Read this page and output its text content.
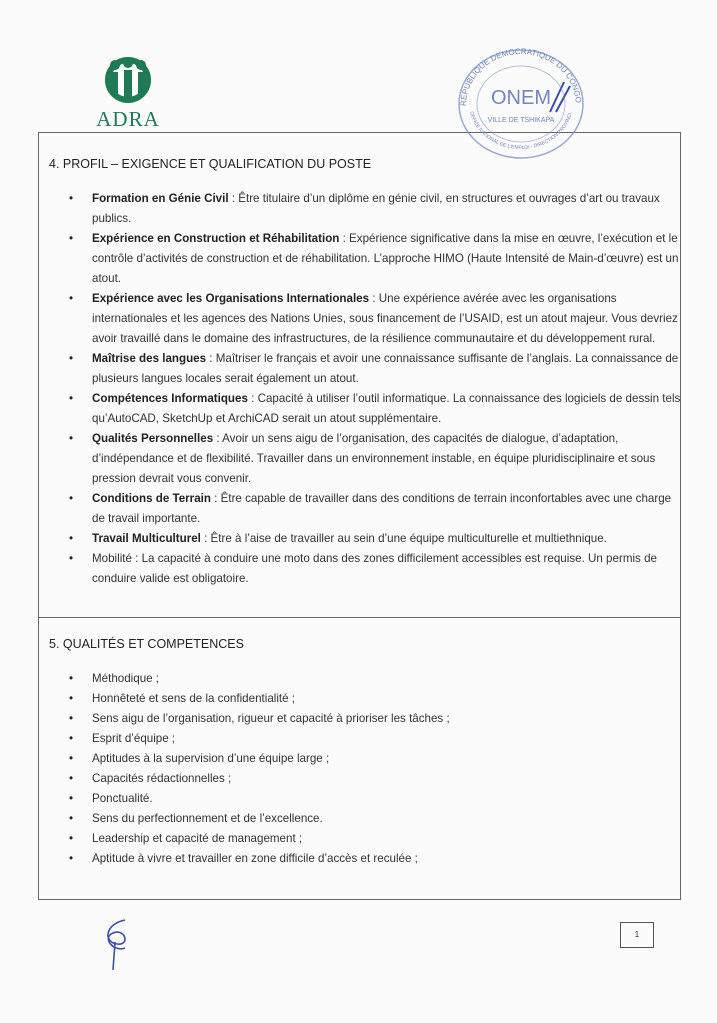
ADRA
REPUBLIQUE DEMOCRATIQUE DU CONGO
OFFICE NATIONAL DE L'EMPLOI - DIRECTION PROVINCI
ONEM
VILLE DE TSHIKAPA
4. PROFIL – EXIGENCE ET QUALIFICATION DU POSTE
• Formation en Génie Civil : Être titulaire d’un diplôme en génie civil, en structures et ouvrages d’art ou travaux publics.
• Expérience en Construction et Réhabilitation : Expérience significative dans la mise en œuvre, l’exécution et le contrôle d’activités de construction et de réhabilitation. L’approche HIMO (Haute Intensité de Main-d’œuvre) est un atout.
• Expérience avec les Organisations Internationales : Une expérience avérée avec les organisations internationales et les agences des Nations Unies, sous financement de l’USAID, est un atout majeur. Vous devriez avoir travaillé dans le domaine des infrastructures, de la résilience communautaire et du développement rural.
• Maîtrise des langues : Maîtriser le français et avoir une connaissance suffisante de l’anglais. La connaissance de plusieurs langues locales serait également un atout.
• Compétences Informatiques : Capacité à utiliser l’outil informatique. La connaissance des logiciels de dessin tels qu’AutoCAD, SketchUp et ArchiCAD serait un atout supplémentaire.
• Qualités Personnelles : Avoir un sens aigu de l’organisation, des capacités de dialogue, d’adaptation, d’indépendance et de flexibilité. Travailler dans un environnement instable, en équipe pluridisciplinaire et sous pression devrait vous convenir.
• Conditions de Terrain : Être capable de travailler dans des conditions de terrain inconfortables avec une charge de travail importante.
• Travail Multiculturel : Être à l’aise de travailler au sein d’une équipe multiculturelle et multiethnique.
• Mobilité : La capacité à conduire une moto dans des zones difficilement accessibles est requise. Un permis de conduire valide est obligatoire.
5. QUALITÉS ET COMPETENCES
• Méthodique ;
• Honnêteté et sens de la confidentialité ;
• Sens aigu de l’organisation, rigueur et capacité à prioriser les tâches ;
• Esprit d’équipe ;
• Aptitudes à la supervision d’une équipe large ;
• Capacités rédactionnelles ;
• Ponctualité.
• Sens du perfectionnement et de l’excellence.
• Leadership et capacité de management ;
• Aptitude à vivre et travailler en zone difficile d’accès et reculée ;
1
